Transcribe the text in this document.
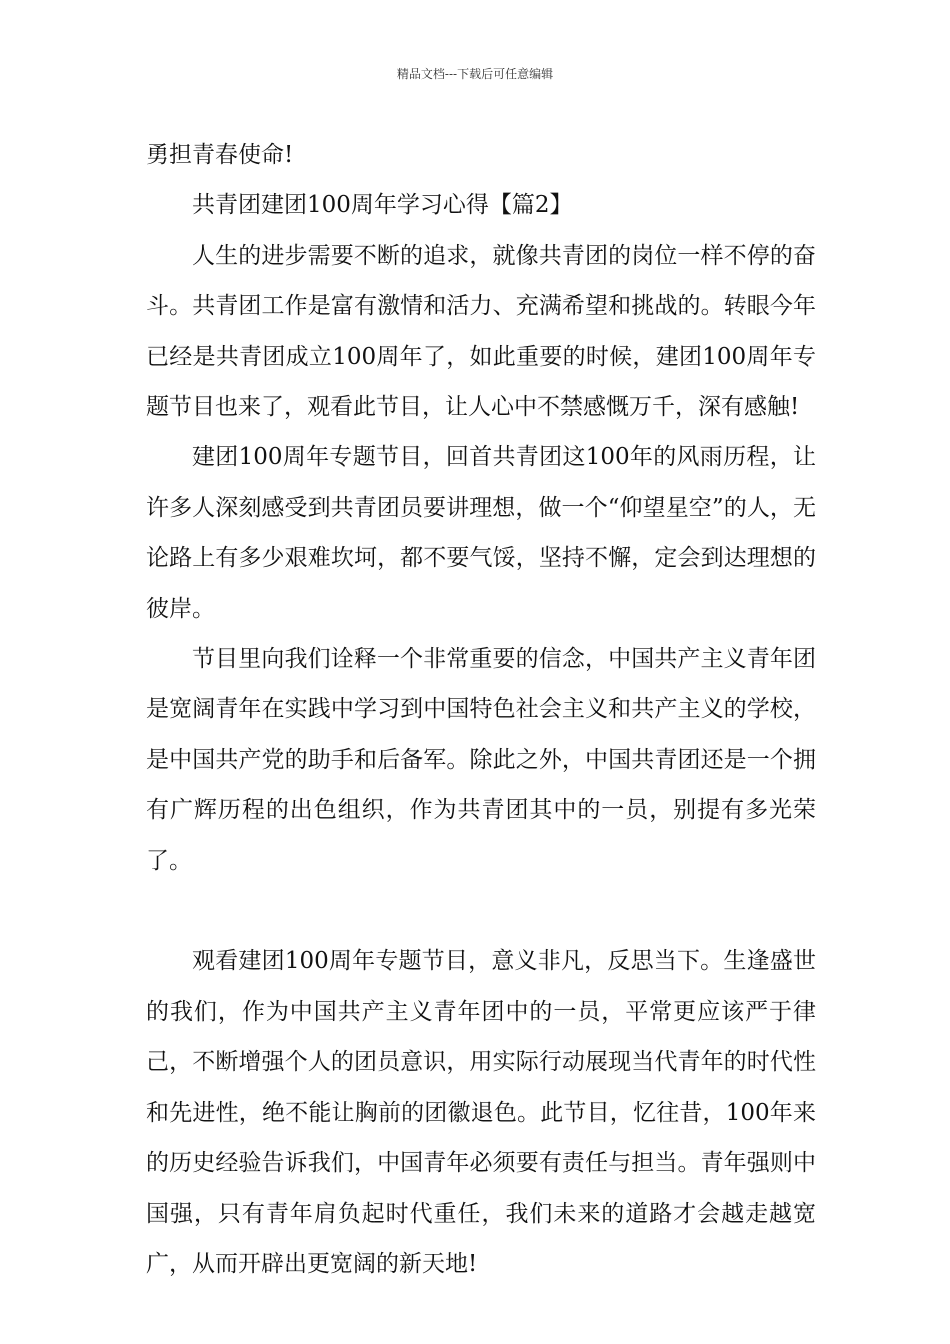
精品文档---下载后可任意编辑

勇担青春使命!

共青团建团100周年学习心得【篇2】

人生的进步需要不断的追求，就像共青团的岗位一样不停的奋斗。共青团工作是富有激情和活力、充满希望和挑战的。转眼今年已经是共青团成立100周年了，如此重要的时候，建团100周年专题节目也来了，观看此节目，让人心中不禁感慨万千，深有感触!

建团100周年专题节目，回首共青团这100年的风雨历程，让许多人深刻感受到共青团员要讲理想，做一个“仰望星空”的人，无论路上有多少艰难坎坷，都不要气馁，坚持不懈，定会到达理想的彼岸。

节目里向我们诠释一个非常重要的信念，中国共产主义青年团是宽阔青年在实践中学习到中国特色社会主义和共产主义的学校，是中国共产党的助手和后备军。除此之外，中国共青团还是一个拥有广辉历程的出色组织，作为共青团其中的一员，别提有多光荣了。

观看建团100周年专题节目，意义非凡，反思当下。生逢盛世的我们，作为中国共产主义青年团中的一员，平常更应该严于律己，不断增强个人的团员意识，用实际行动展现当代青年的时代性和先进性，绝不能让胸前的团徽退色。此节目，忆往昔，100年来的历史经验告诉我们，中国青年必须要有责任与担当。青年强则中国强，只有青年肩负起时代重任，我们未来的道路才会越走越宽广，从而开辟出更宽阔的新天地!
